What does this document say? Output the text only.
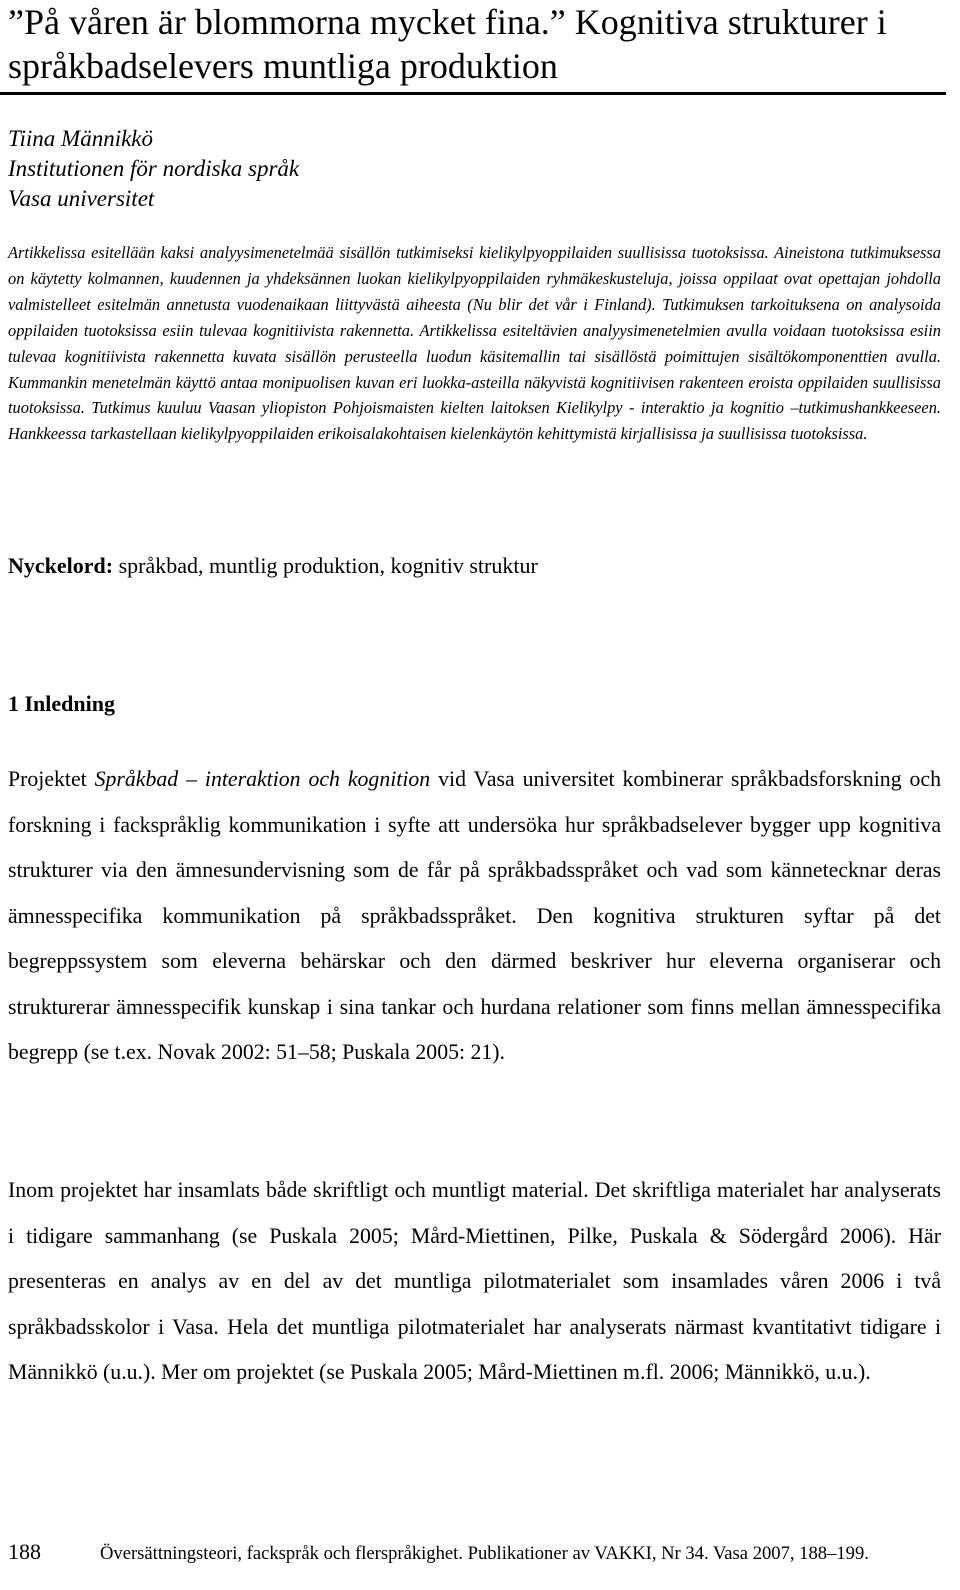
”På våren är blommorna mycket fina.” Kognitiva strukturer i språkbadselevers muntliga produktion
Tiina Männikkö
Institutionen för nordiska språk
Vasa universitet

Artikkelissa esitellään kaksi analyysimenetelmää sisällön tutkimiseksi kielikylpyoppilaiden suullisissa tuotoksissa. Aineistona tutkimuksessa on käytetty kolmannen, kuudennen ja yhdeksännen luokan kielikylpyoppilaiden ryhmäkeskusteluja, joissa oppilaat ovat opettajan johdolla valmistelleet esitelmän annetusta vuodenaikaan liittyvästä aiheesta (Nu blir det vår i Finland). Tutkimuksen tarkoituksena on analysoida oppilaiden tuotoksissa esiin tulevaa kognitiivista rakennetta. Artikkelissa esiteltävien analyysimenetelmien avulla voidaan tuotoksissa esiin tulevaa kognitiivista rakennetta kuvata sisällön perusteella luodun käsitemallin tai sisällöstä poimittujen sisältökomponenttien avulla. Kummankin menetelmän käyttö antaa monipuolisen kuvan eri luokka-asteilla näkyvistä kognitiivisen rakenteen eroista oppilaiden suullisissa tuotoksissa. Tutkimus kuuluu Vaasan yliopiston Pohjoismaisten kielten laitoksen Kielikylpy - interaktio ja kognitio –tutkimushankkeeseen. Hankkeessa tarkastellaan kielikylpyoppilaiden erikoisalakohtaisen kielenkäytön kehittymistä kirjallisissa ja suullisissa tuotoksissa.

Nyckelord: språkbad, muntlig produktion, kognitiv struktur

1 Inledning

Projektet Språkbad – interaktion och kognition vid Vasa universitet kombinerar språkbadsforskning och forskning i fackspråklig kommunikation i syfte att undersöka hur språkbadselever bygger upp kognitiva strukturer via den ämnesundervisning som de får på språkbadsspråket och vad som kännetecknar deras ämnesspecifika kommunikation på språkbadsspråket. Den kognitiva strukturen syftar på det begreppssystem som eleverna behärskar och den därmed beskriver hur eleverna organiserar och strukturerar ämnesspecifik kunskap i sina tankar och hurdana relationer som finns mellan ämnesspecifika begrepp (se t.ex. Novak 2002: 51–58; Puskala 2005: 21).

Inom projektet har insamlats både skriftligt och muntligt material. Det skriftliga materialet har analyserats i tidigare sammanhang (se Puskala 2005; Mård-Miettinen, Pilke, Puskala & Södergård 2006). Här presenteras en analys av en del av det muntliga pilotmaterialet som insamlades våren 2006 i två språkbadsskolor i Vasa. Hela det muntliga pilotmaterialet har analyserats närmast kvantitativt tidigare i Männikkö (u.u.). Mer om projektet (se Puskala 2005; Mård-Miettinen m.fl. 2006; Männikkö, u.u.).

188	Översättningsteori, fackspråk och flerspråkighet. Publikationer av VAKKI, Nr 34. Vasa 2007, 188–199.
